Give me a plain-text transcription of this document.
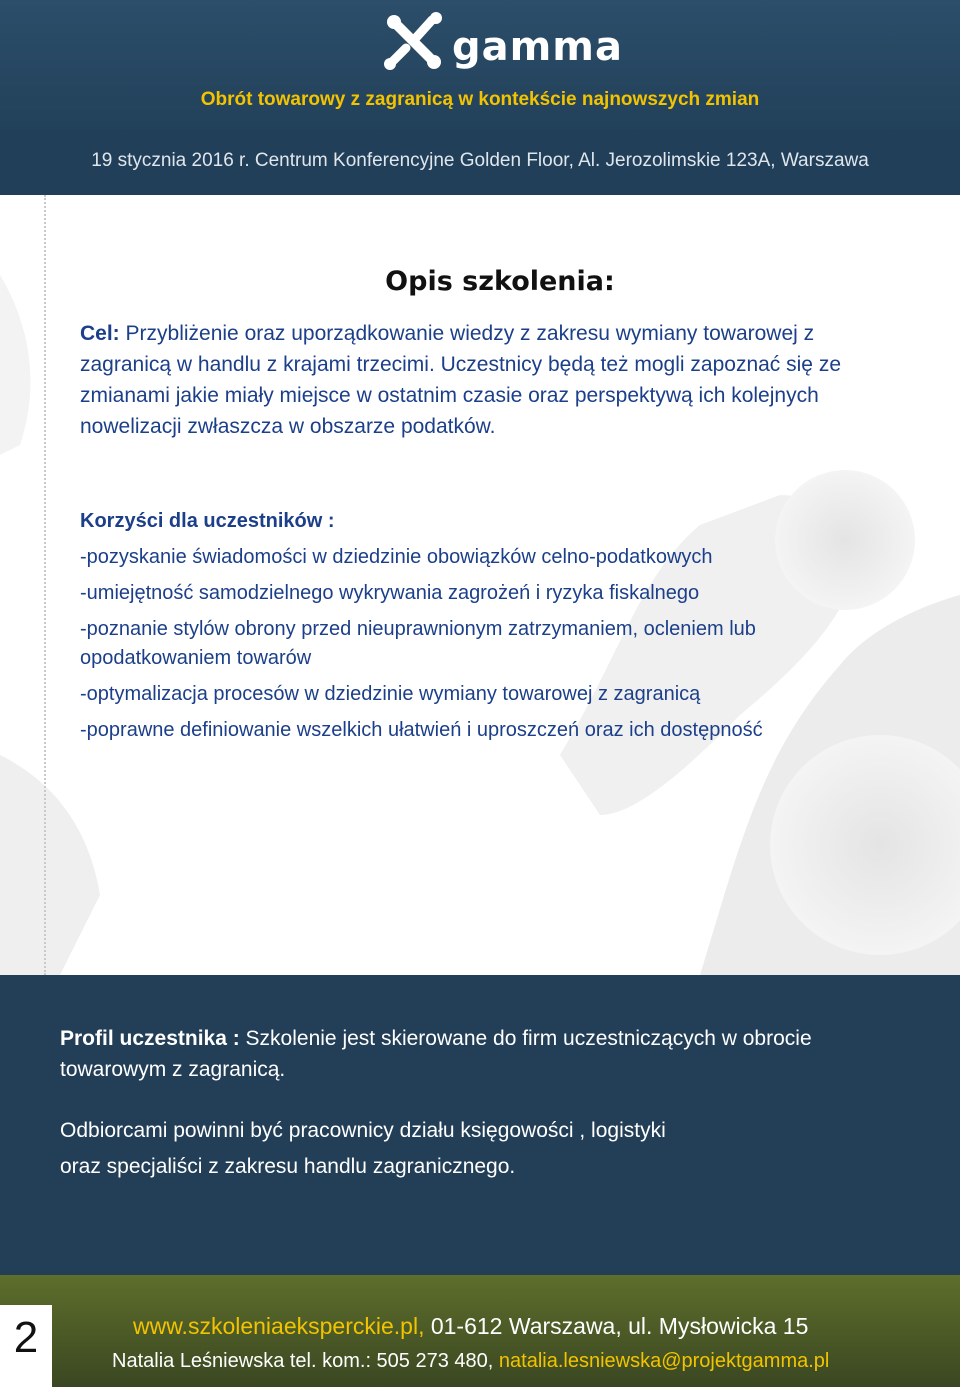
gamma
Obrót towarowy z zagranicą w kontekście najnowszych zmian
19 stycznia 2016 r. Centrum Konferencyjne Golden Floor, Al. Jerozolimskie 123A, Warszawa
Opis szkolenia:
Cel: Przybliżenie oraz uporządkowanie wiedzy z zakresu wymiany towarowej z zagranicą w handlu z krajami trzecimi. Uczestnicy będą też mogli zapoznać się ze zmianami jakie miały miejsce w ostatnim czasie oraz perspektywą ich kolejnych nowelizacji zwłaszcza w obszarze podatków.
Korzyści dla uczestników :
-pozyskanie świadomości w dziedzinie obowiązków celno-podatkowych
-umiejętność samodzielnego wykrywania zagrożeń i ryzyka fiskalnego
-poznanie stylów obrony przed nieuprawnionym zatrzymaniem, ocleniem lub opodatkowaniem towarów
-optymalizacja procesów w dziedzinie wymiany towarowej z zagranicą
-poprawne definiowanie wszelkich ułatwień i uproszczeń oraz ich dostępność
Profil uczestnika : Szkolenie jest skierowane do firm uczestniczących w obrocie towarowym z zagranicą.
Odbiorcami powinni być pracownicy działu księgowości , logistyki
oraz specjaliści z zakresu handlu zagranicznego.
2	www.szkoleniaeksperckie.pl, 01-612 Warszawa, ul. Mysłowicka 15
Natalia Leśniewska tel. kom.: 505 273 480, natalia.lesniewska@projektgamma.pl
